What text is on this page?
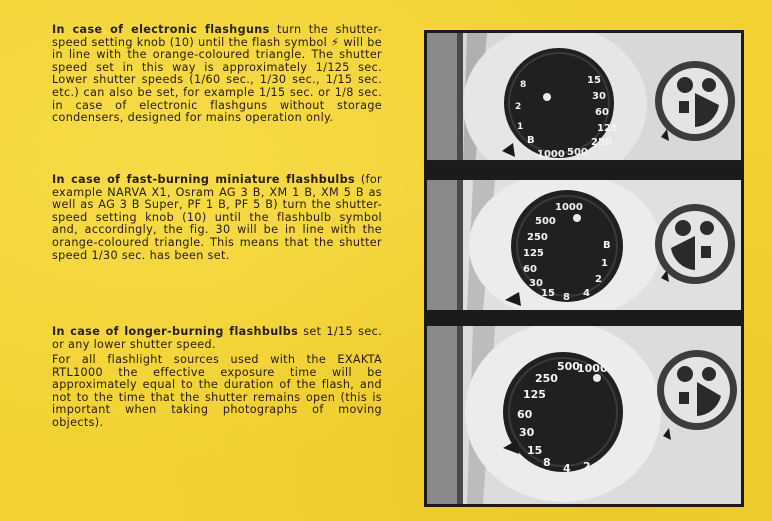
In case of electronic flashguns turn the shutter-speed setting knob (10) until the flash symbol ⚡ will be in line with the orange-coloured triangle. The shutter speed set in this way is approximately 1/125 sec. Lower shutter speeds (1/60 sec., 1/30 sec., 1/15 sec. etc.) can also be set, for example 1/15 sec. or 1/8 sec. in case of electronic flashguns without storage condensers, designed for mains operation only.

In case of fast-burning miniature flashbulbs (for example NARVA X1, Osram AG 3 B, XM 1 B, XM 5 B as well as AG 3 B Super, PF 1 B, PF 5 B) turn the shutter-speed setting knob (10) until the flashbulb symbol and, accordingly, the fig. 30 will be in line with the orange-coloured triangle. This means that the shutter speed 1/30 sec. has been set.

In case of longer-burning flashbulbs set 1/15 sec. or any lower shutter speed.

For all flashlight sources used with the EXAKTA RTL1000 the effective exposure time will be approximately equal to the duration of the flash, and not to the time that the shutter remains open (this is important when taking photographs of moving objects).

8
2
1
B
15
30
60
125
250
500
1000
1000
500
250
125
60
30
15 8 4
2
1
B
500
1000
250
125
60
30
15
8 4 2
